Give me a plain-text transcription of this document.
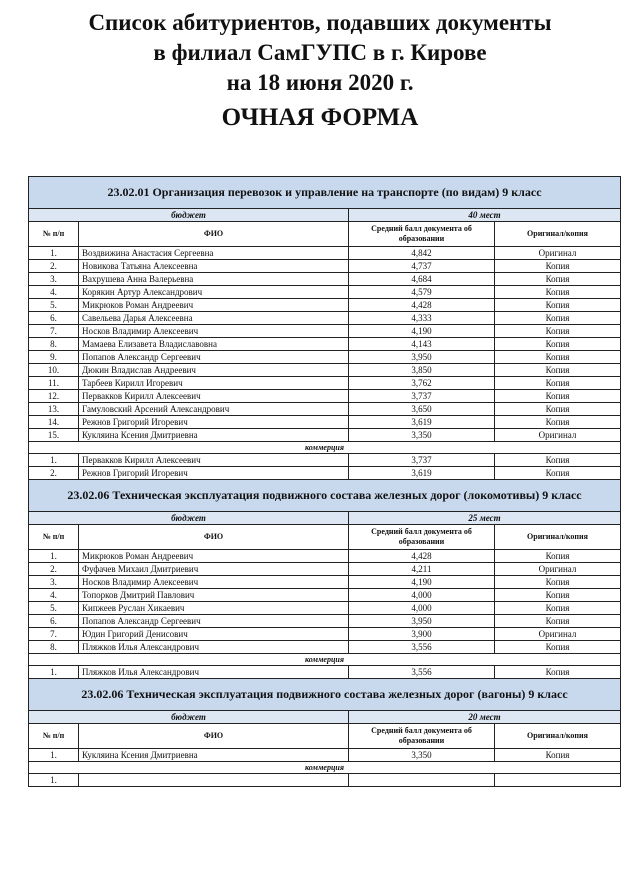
Список абитуриентов, подавших документы
в филиал СамГУПС в г. Кирове
на 18 июня 2020 г.
ОЧНАЯ ФОРМА
23.02.01 Организация перевозок и управление на транспорте (по видам) 9 класс			
бюджет		40 мест	
№ п/п	ФИО	Средний балл документа об образовании	Оригинал/копия
1.	Воздвижина Анастасия Сергеевна	4,842	Оригинал
2.	Новикова Татьяна Алексеевна	4,737	Копия
3.	Вахрушева Анна Валерьевна	4,684	Копия
4.	Корякин Артур Александрович	4,579	Копия
5.	Микрюков Роман Андреевич	4,428	Копия
6.	Савельева Дарья Алексеевна	4,333	Копия
7.	Носков Владимир Алексеевич	4,190	Копия
8.	Мамаева Елизавета Владиславовна	4,143	Копия
9.	Попапов Александр Сергеевич	3,950	Копия
10.	Дюкин Владислав Андреевич	3,850	Копия
11.	Тарбеев Кирилл Игоревич	3,762	Копия
12.	Первакков Кирилл Алексеевич	3,737	Копия
13.	Гамуловский Арсений Александрович	3,650	Копия
14.	Режнов Григорий Игоревич	3,619	Копия
15.	Кукляина Ксения Дмитриевна	3,350	Оригинал
коммерция			
1.	Первакков Кирилл Алексеевич	3,737	Копия
2.	Режнов Григорий Игоревич	3,619	Копия
23.02.06 Техническая эксплуатация подвижного состава железных дорог (локомотивы) 9 класс			
бюджет		25 мест	
№ п/п	ФИО	Средний балл документа об образовании	Оригинал/копия
1.	Микрюков Роман Андреевич	4,428	Копия
2.	Фуфачев Михаил Дмитриевич	4,211	Оригинал
3.	Носков Владимир Алексеевич	4,190	Копия
4.	Топорков Дмитрий Павлович	4,000	Копия
5.	Кипжеев Руслан Хикаевич	4,000	Копия
6.	Попапов Александр Сергеевич	3,950	Копия
7.	Юдин Григорий Денисович	3,900	Оригинал
8.	Пляжков Илья Александрович	3,556	Копия
коммерция			
1.	Пляжков Илья Александрович	3,556	Копия
23.02.06 Техническая эксплуатация подвижного состава железных дорог (вагоны) 9 класс			
бюджет		20 мест	
№ п/п	ФИО	Средний балл документа об образовании	Оригинал/копия
1.	Кукляина Ксения Дмитриевна	3,350	Копия
коммерция			
1.			
